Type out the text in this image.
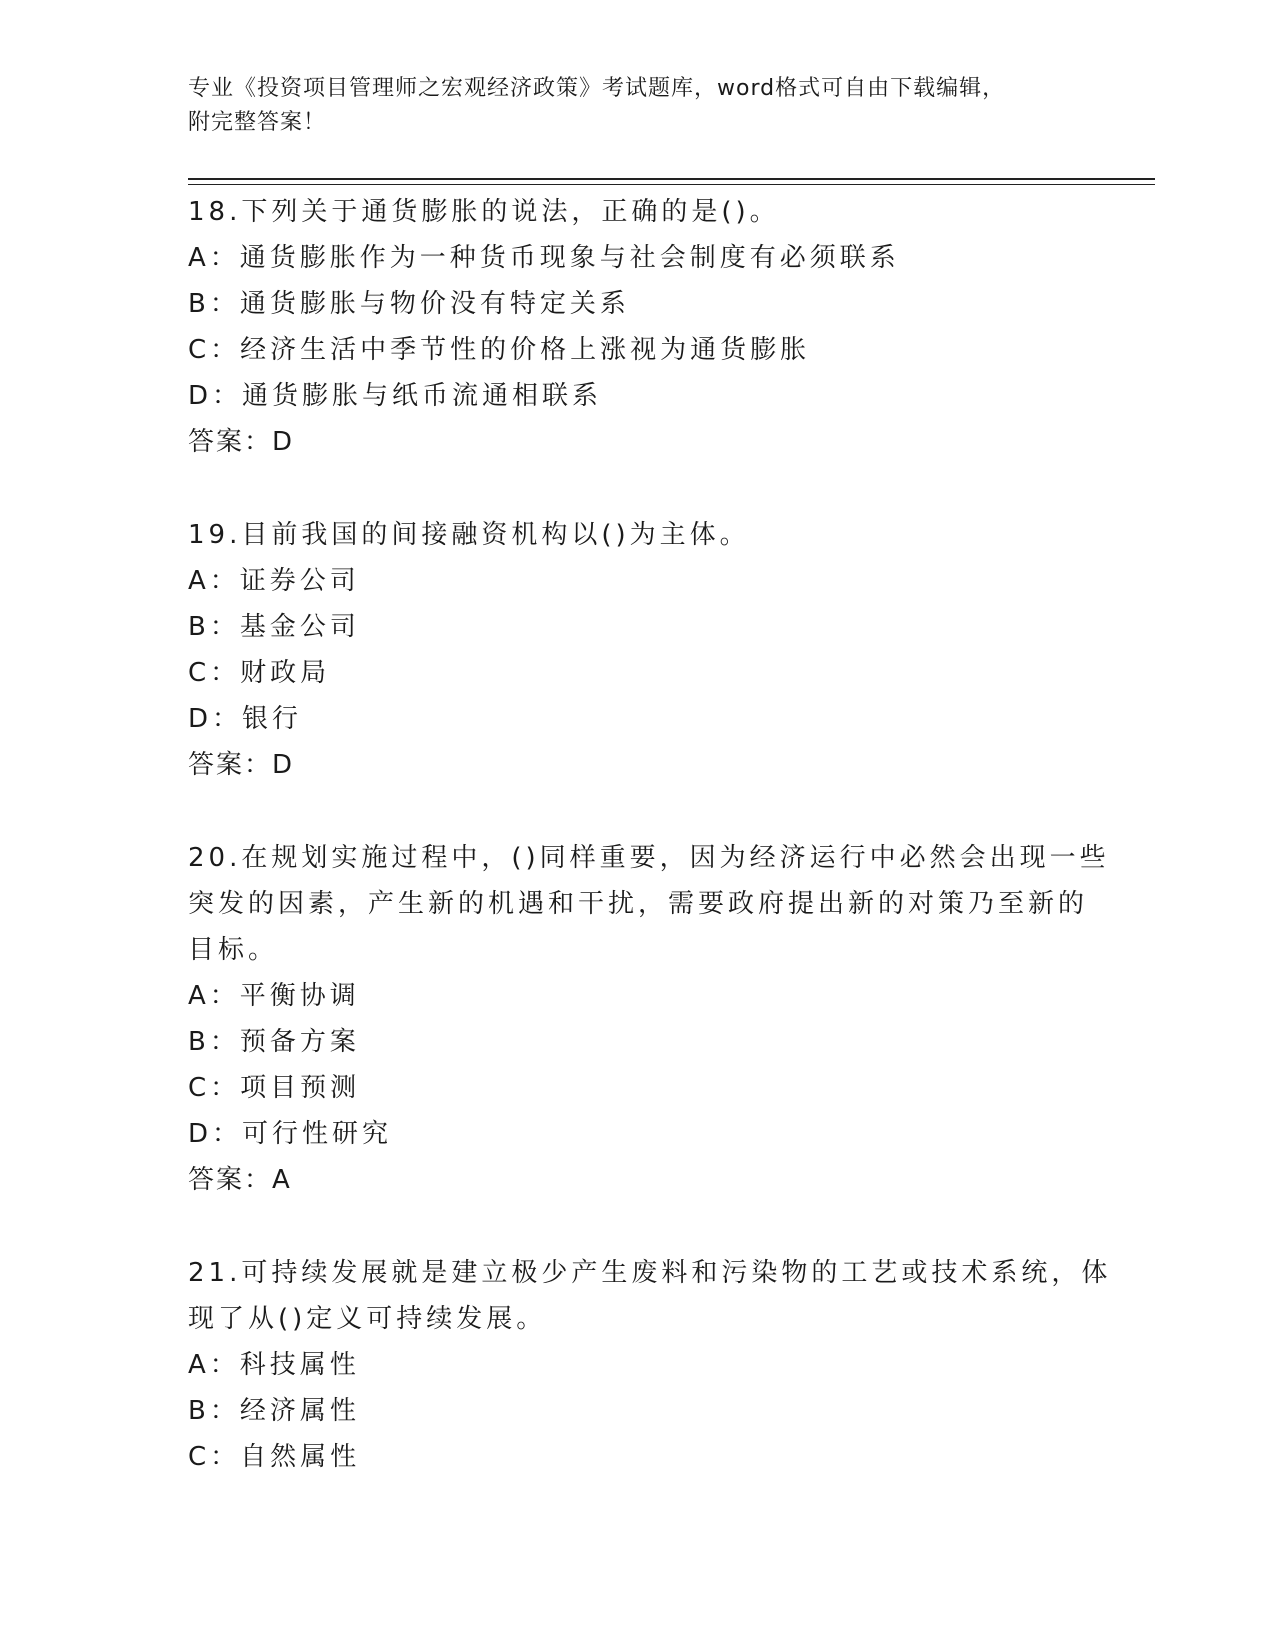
专业《投资项目管理师之宏观经济政策》考试题库，word格式可自由下载编辑，
附完整答案！
18.下列关于通货膨胀的说法，正确的是()。
A：通货膨胀作为一种货币现象与社会制度有必须联系
B：通货膨胀与物价没有特定关系
C：经济生活中季节性的价格上涨视为通货膨胀
D：通货膨胀与纸币流通相联系
答案：D
19.目前我国的间接融资机构以()为主体。
A：证券公司
B：基金公司
C：财政局
D：银行
答案：D
20.在规划实施过程中，()同样重要，因为经济运行中必然会出现一些
突发的因素，产生新的机遇和干扰，需要政府提出新的对策乃至新的
目标。
A：平衡协调
B：预备方案
C：项目预测
D：可行性研究
答案：A
21.可持续发展就是建立极少产生废料和污染物的工艺或技术系统，体
现了从()定义可持续发展。
A：科技属性
B：经济属性
C：自然属性
